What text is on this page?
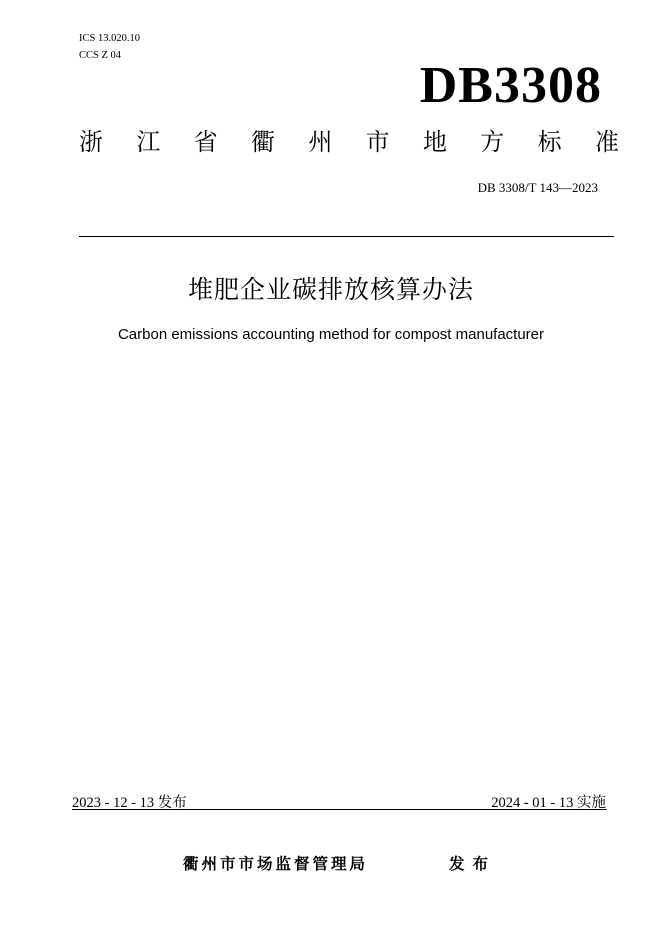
ICS 13.020.10
CCS Z 04
DB3308
浙 江 省 衢 州 市 地 方 标 准
DB 3308/T 143—2023
堆肥企业碳排放核算办法
Carbon emissions accounting method for compost manufacturer
2023 - 12 - 13 发布	2024 - 01 - 13 实施
衢州市市场监督管理局	发布
